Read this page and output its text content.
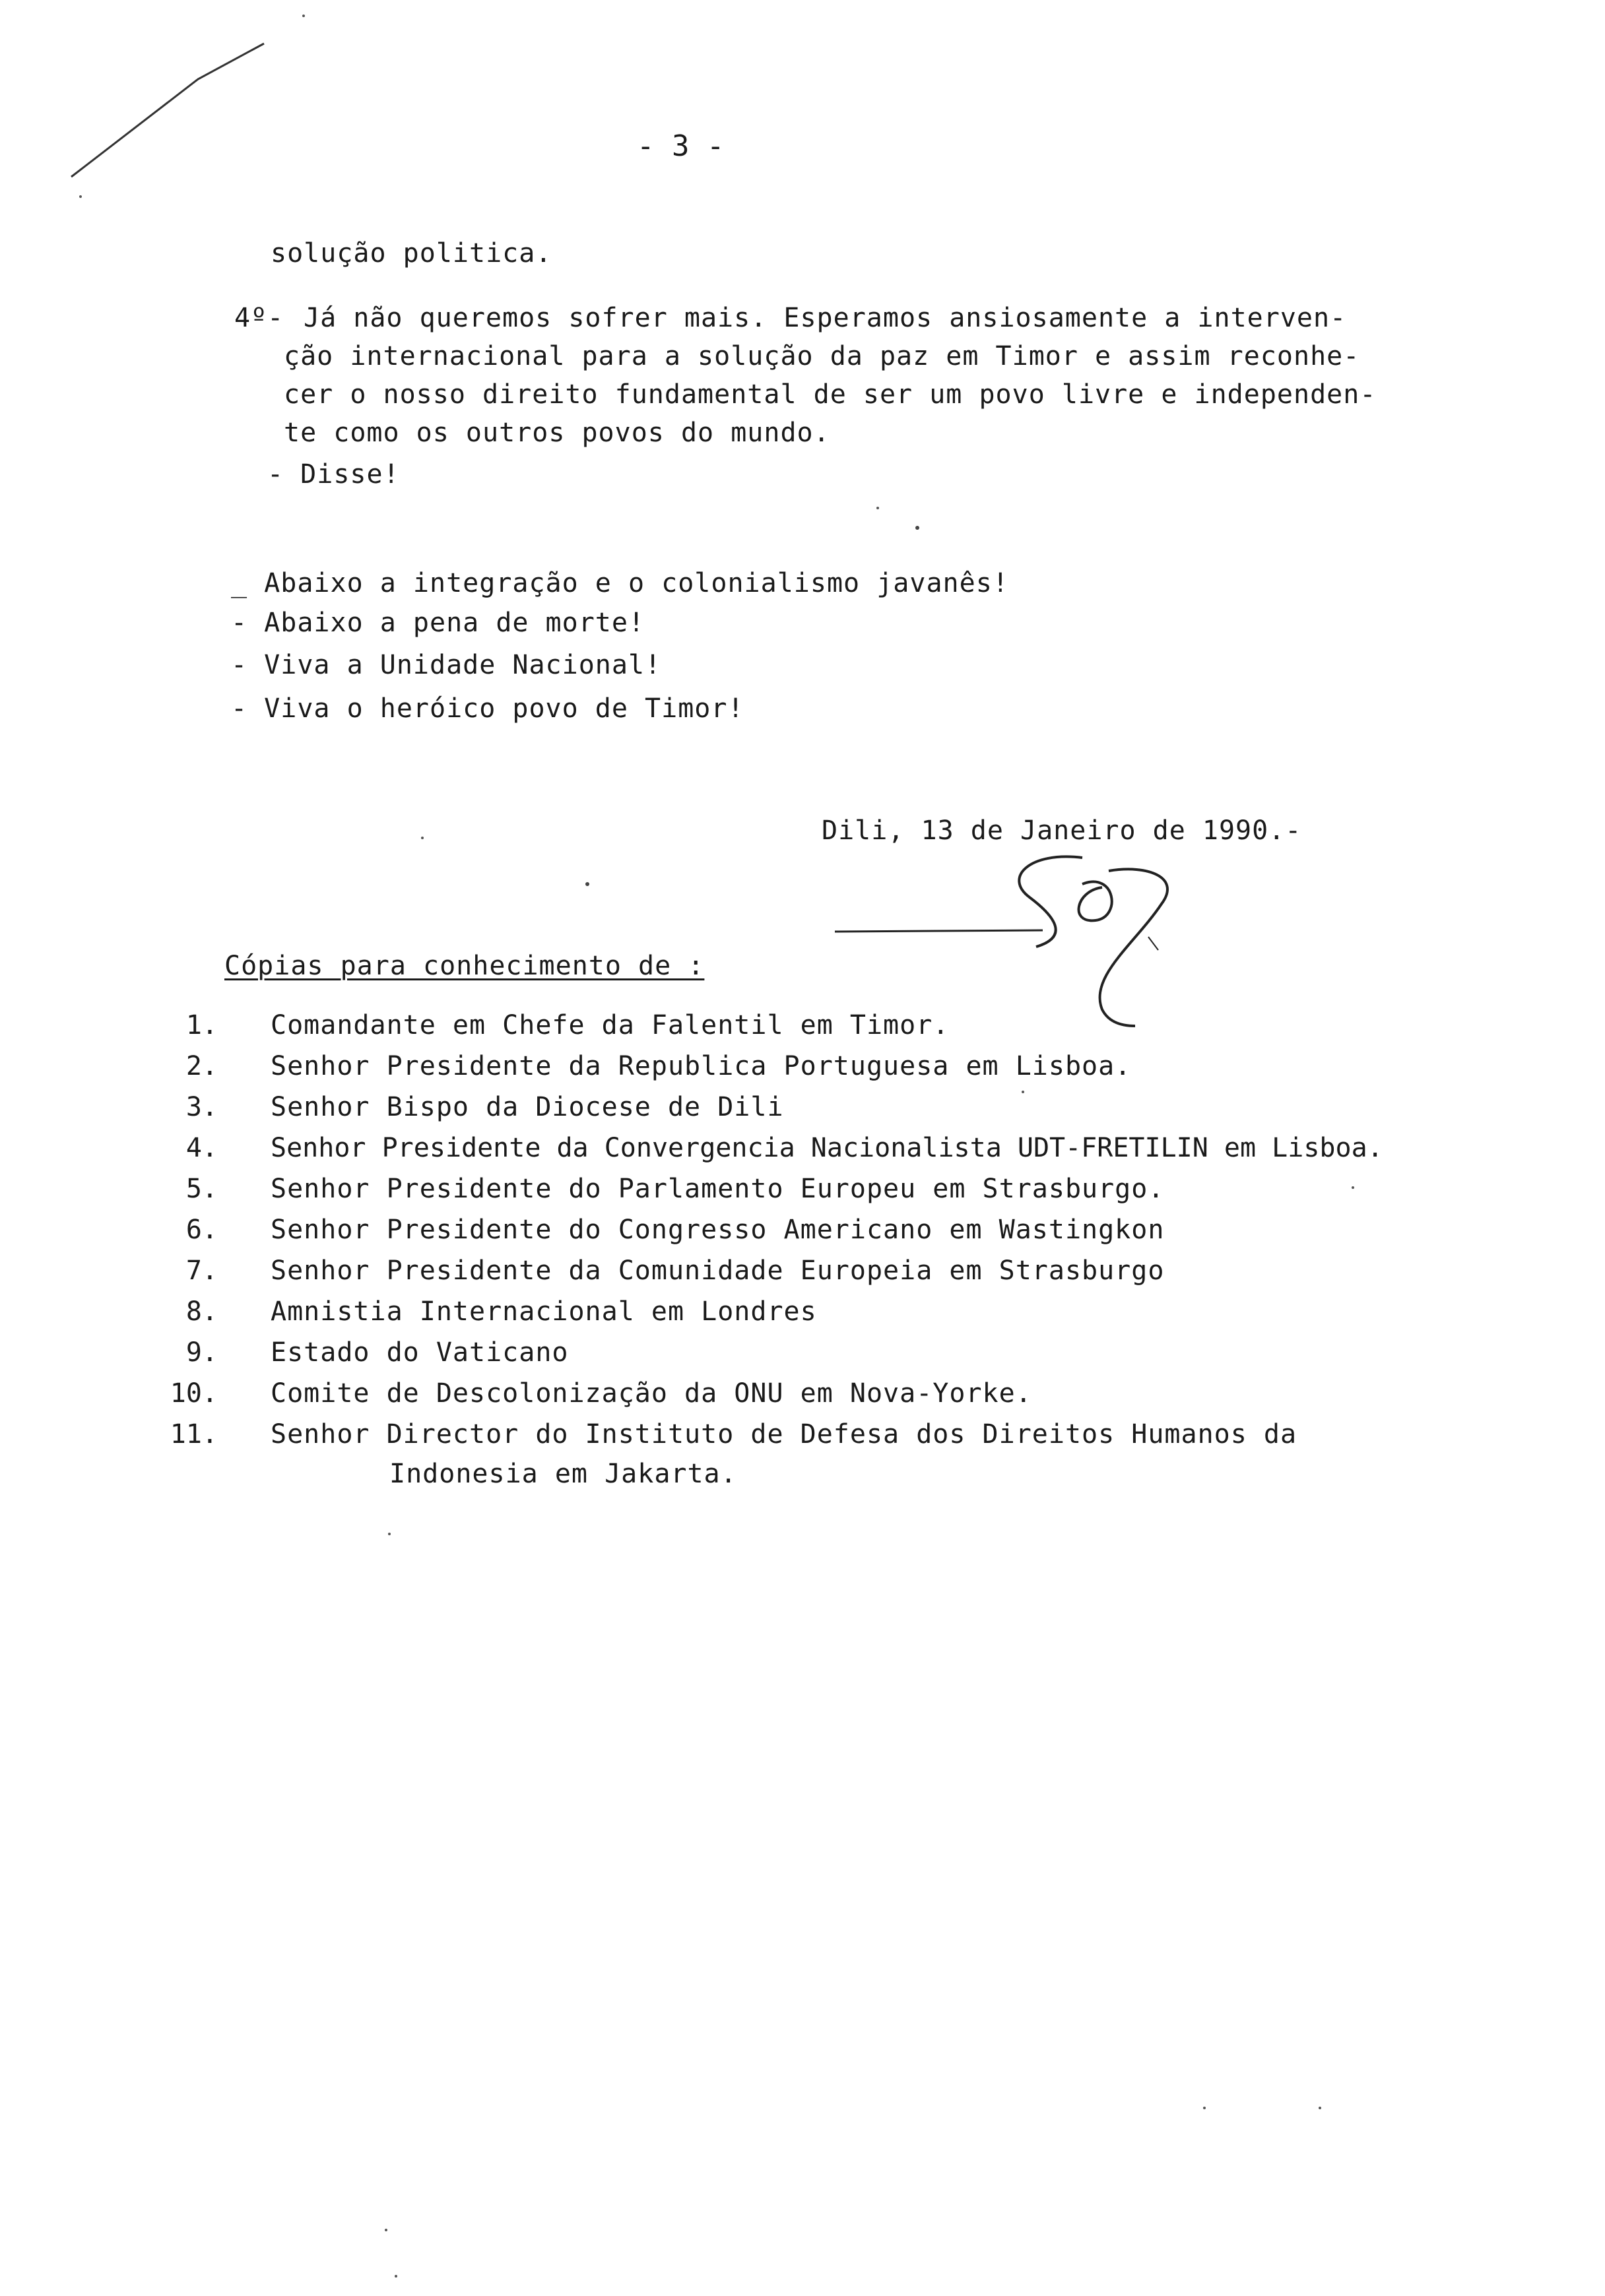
- 3 -
solução politica.
4º- Já não queremos sofrer mais. Esperamos ansiosamente a interven-
ção internacional para a solução da paz em Timor e assim reconhe-
cer o nosso direito fundamental de ser um povo livre e independen-
te como os outros povos do mundo.
- Disse!
_ Abaixo a integração e o colonialismo javanês!
- Abaixo a pena de morte!
- Viva a Unidade Nacional!
- Viva o heróico povo de Timor!
Dili, 13 de Janeiro de 1990.-
Cópias para conhecimento de :
1. Comandante em Chefe da Falentil em Timor.
2. Senhor Presidente da Republica Portuguesa em Lisboa.
3. Senhor Bispo da Diocese de Dili
4. Senhor Presidente da Convergencia Nacionalista UDT-FRETILIN em Lisboa.
5. Senhor Presidente do Parlamento Europeu em Strasburgo.
6. Senhor Presidente do Congresso Americano em Wastingkon
7. Senhor Presidente da Comunidade Europeia em Strasburgo
8. Amnistia Internacional em Londres
9. Estado do Vaticano
10. Comite de Descolonização da ONU em Nova-Yorke.
11. Senhor Director do Instituto de Defesa dos Direitos Humanos da
Indonesia em Jakarta.
